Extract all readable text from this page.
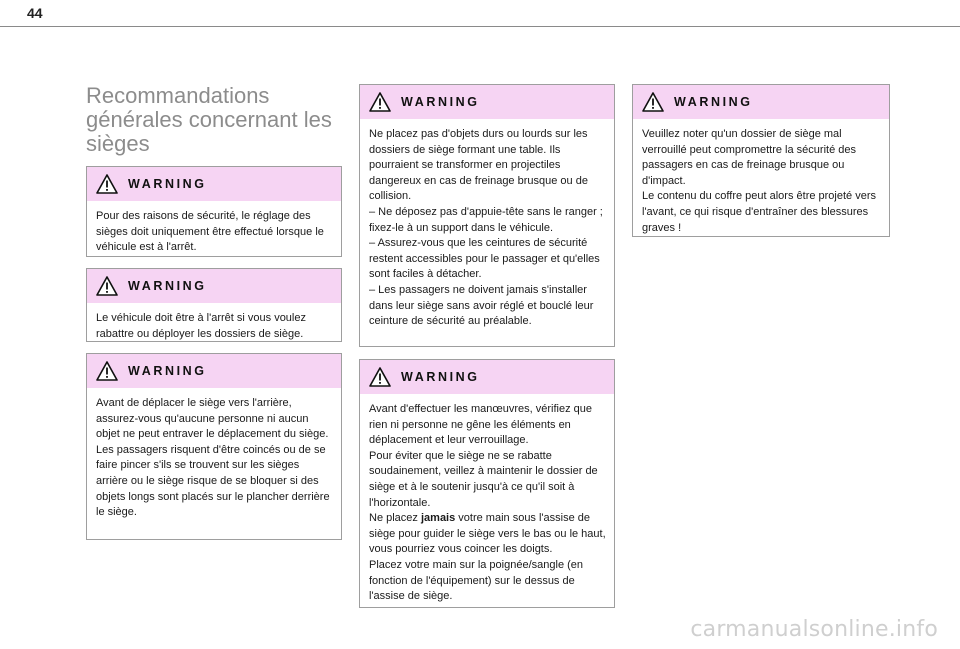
44
Recommandations générales concernant les sièges
WARNING

Pour des raisons de sécurité, le réglage des sièges doit uniquement être effectué lorsque le véhicule est à l'arrêt.

WARNING

Le véhicule doit être à l'arrêt si vous voulez rabattre ou déployer les dossiers de siège.

WARNING

Avant de déplacer le siège vers l'arrière, assurez-vous qu'aucune personne ni aucun objet ne peut entraver le déplacement du siège.

Les passagers risquent d'être coincés ou de se faire pincer s'ils se trouvent sur les sièges arrière ou le siège risque de se bloquer si des objets longs sont placés sur le plancher derrière le siège.

WARNING

Ne placez pas d'objets durs ou lourds sur les dossiers de siège formant une table. Ils pourraient se transformer en projectiles dangereux en cas de freinage brusque ou de collision.

– Ne déposez pas d'appuie-tête sans le ranger ; fixez-le à un support dans le véhicule.

– Assurez-vous que les ceintures de sécurité restent accessibles pour le passager et qu'elles sont faciles à détacher.

– Les passagers ne doivent jamais s'installer dans leur siège sans avoir réglé et bouclé leur ceinture de sécurité au préalable.

WARNING

Avant d'effectuer les manœuvres, vérifiez que rien ni personne ne gêne les éléments en déplacement et leur verrouillage.

Pour éviter que le siège ne se rabatte soudainement, veillez à maintenir le dossier de siège et à le soutenir jusqu'à ce qu'il soit à l'horizontale.

Ne placez jamais votre main sous l'assise de siège pour guider le siège vers le bas ou le haut, vous pourriez vous coincer les doigts.

Placez votre main sur la poignée/sangle (en fonction de l'équipement) sur le dessus de l'assise de siège.

WARNING

Veuillez noter qu'un dossier de siège mal verrouillé peut compromettre la sécurité des passagers en cas de freinage brusque ou d'impact.

Le contenu du coffre peut alors être projeté vers l'avant, ce qui risque d'entraîner des blessures graves !

carmanualsonline.info
